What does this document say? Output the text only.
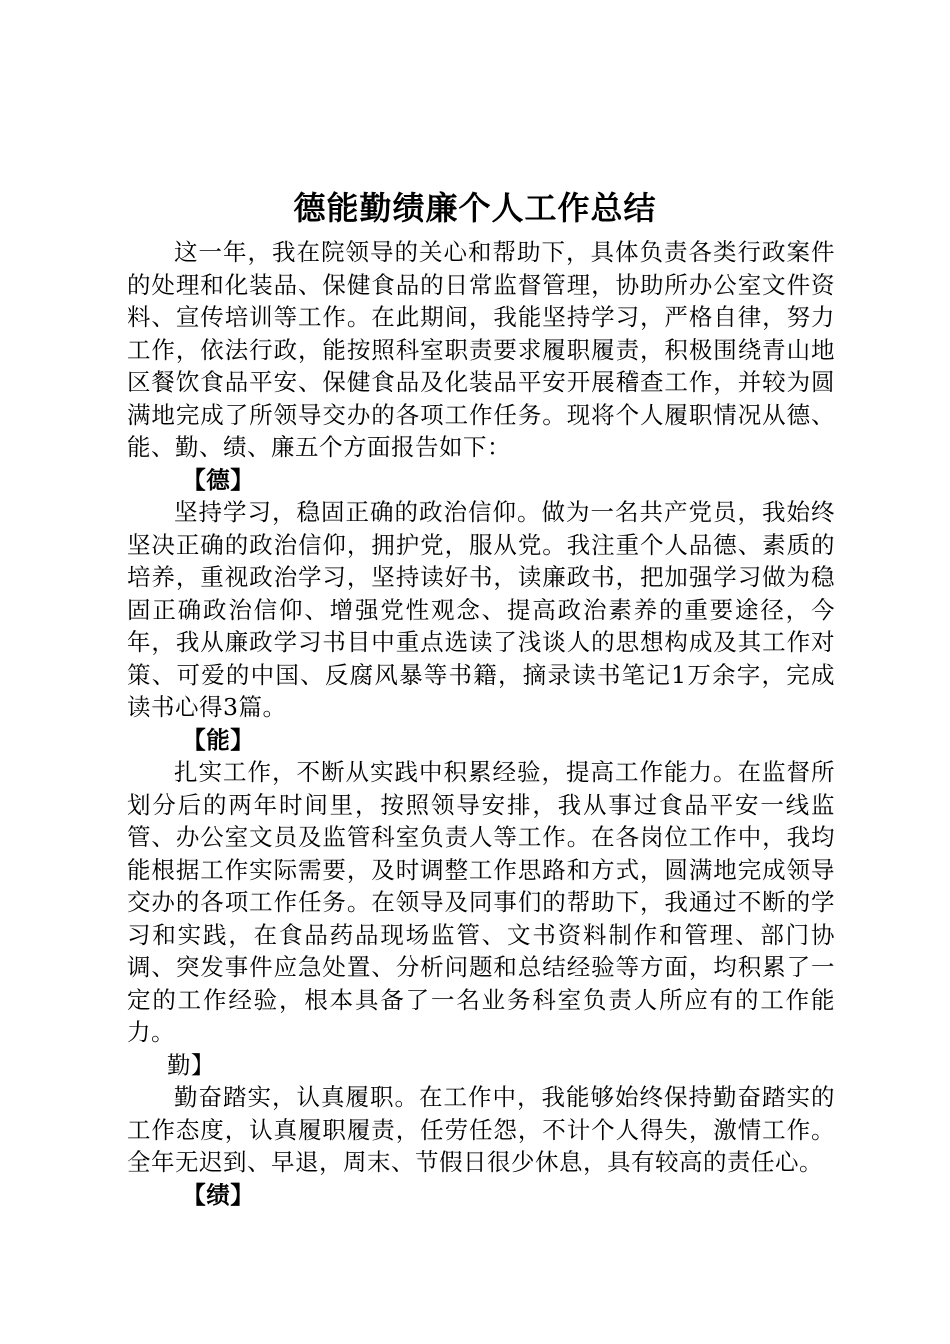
德能勤绩廉个人工作总结

这一年，我在院领导的关心和帮助下，具体负责各类行政案件的处理和化装品、保健食品的日常监督管理，协助所办公室文件资料、宣传培训等工作。在此期间，我能坚持学习，严格自律，努力工作，依法行政，能按照科室职责要求履职履责，积极围绕青山地区餐饮食品平安、保健食品及化装品平安开展稽查工作，并较为圆满地完成了所领导交办的各项工作任务。现将个人履职情况从德、能、勤、绩、廉五个方面报告如下：

【德】

坚持学习，稳固正确的政治信仰。做为一名共产党员，我始终坚决正确的政治信仰，拥护党，服从党。我注重个人品德、素质的培养，重视政治学习，坚持读好书，读廉政书，把加强学习做为稳固正确政治信仰、增强党性观念、提高政治素养的重要途径，今年，我从廉政学习书目中重点选读了浅谈人的思想构成及其工作对策、可爱的中国、反腐风暴等书籍，摘录读书笔记1万余字，完成读书心得3篇。

【能】

扎实工作，不断从实践中积累经验，提高工作能力。在监督所划分后的两年时间里，按照领导安排，我从事过食品平安一线监管、办公室文员及监管科室负责人等工作。在各岗位工作中，我均能根据工作实际需要，及时调整工作思路和方式，圆满地完成领导交办的各项工作任务。在领导及同事们的帮助下，我通过不断的学习和实践，在食品药品现场监管、文书资料制作和管理、部门协调、突发事件应急处置、分析问题和总结经验等方面，均积累了一定的工作经验，根本具备了一名业务科室负责人所应有的工作能力。

勤】

勤奋踏实，认真履职。在工作中，我能够始终保持勤奋踏实的工作态度，认真履职履责，任劳任怨，不计个人得失，激情工作。全年无迟到、早退，周末、节假日很少休息，具有较高的责任心。

【绩】
